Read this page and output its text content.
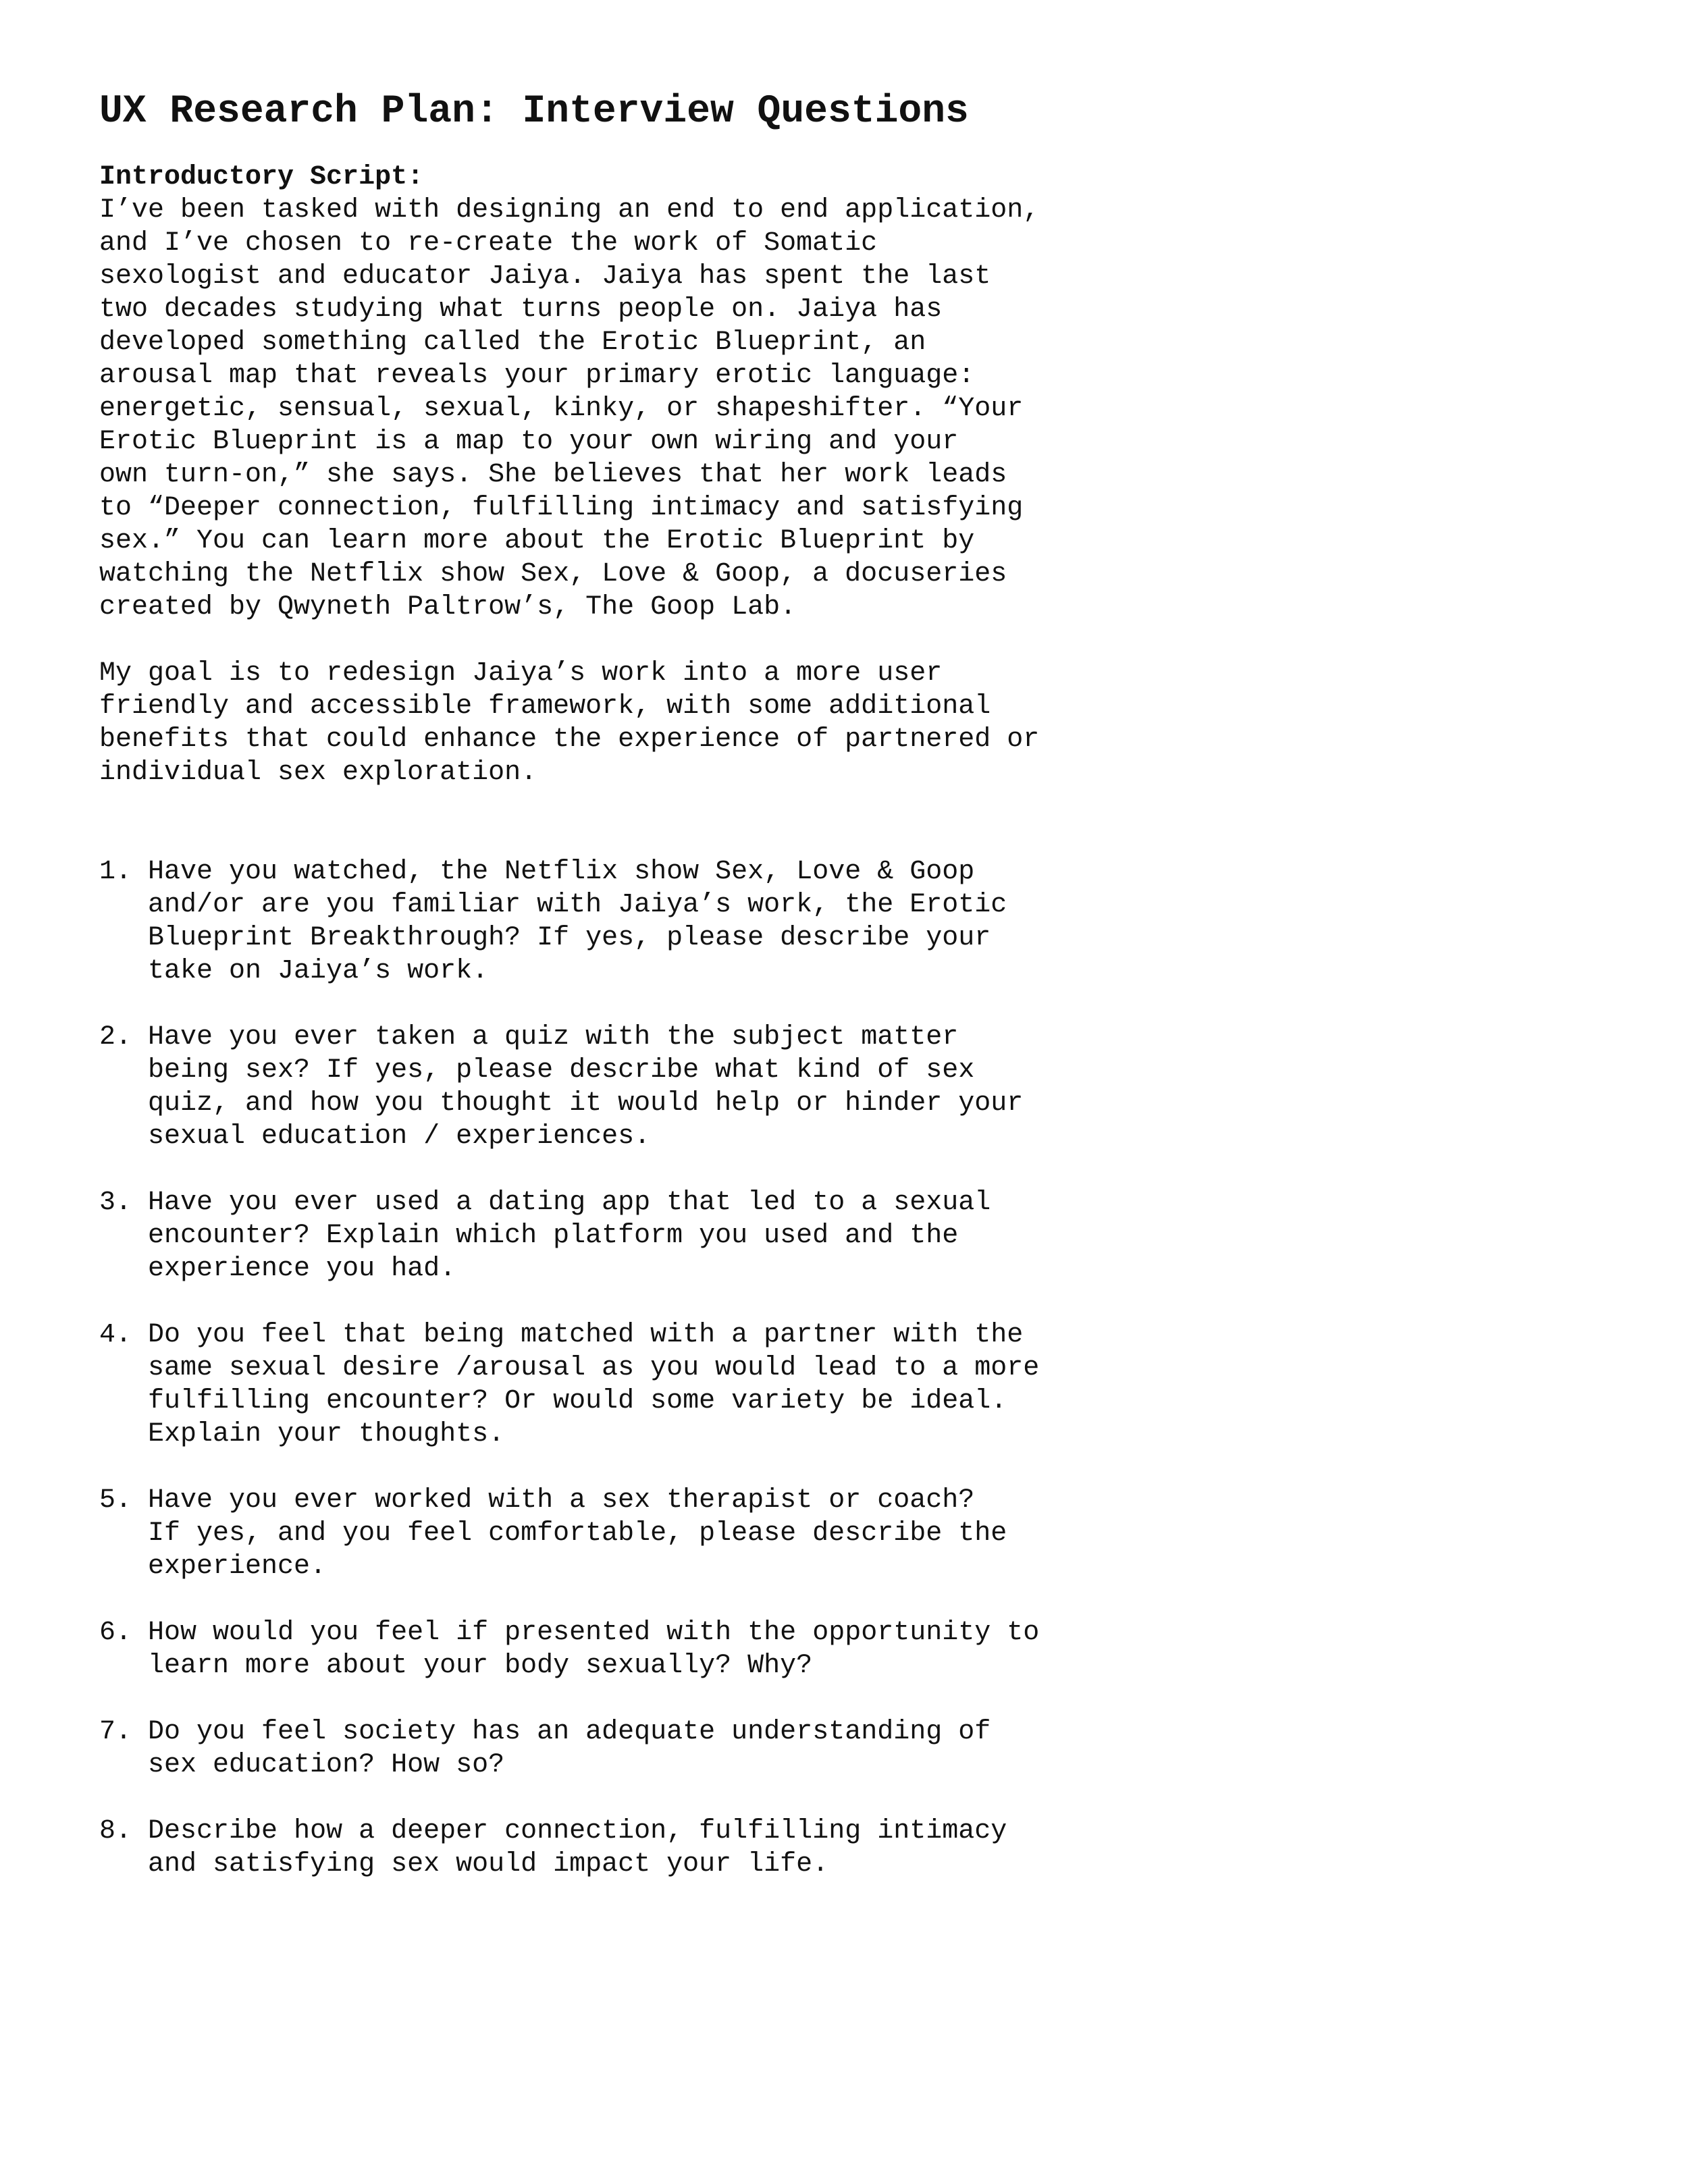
UX Research Plan: Interview Questions
Introductory Script:
I’ve been tasked with designing an end to end application,
and I’ve chosen to re-create the work of Somatic
sexologist and educator Jaiya. Jaiya has spent the last
two decades studying what turns people on. Jaiya has
developed something called the Erotic Blueprint, an
arousal map that reveals your primary erotic language:
energetic, sensual, sexual, kinky, or shapeshifter. “Your
Erotic Blueprint is a map to your own wiring and your
own turn-on,” she says. She believes that her work leads
to “Deeper connection, fulfilling intimacy and satisfying
sex.” You can learn more about the Erotic Blueprint by
watching the Netflix show Sex, Love & Goop, a docuseries
created by Qwyneth Paltrow’s, The Goop Lab.
My goal is to redesign Jaiya’s work into a more user
friendly and accessible framework, with some additional
benefits that could enhance the experience of partnered or
individual sex exploration.
1. Have you watched, the Netflix show Sex, Love & Goop
and/or are you familiar with Jaiya’s work, the Erotic
Blueprint Breakthrough? If yes, please describe your
take on Jaiya’s work.
2. Have you ever taken a quiz with the subject matter
being sex? If yes, please describe what kind of sex
quiz, and how you thought it would help or hinder your
sexual education / experiences.
3. Have you ever used a dating app that led to a sexual
encounter? Explain which platform you used and the
experience you had.
4. Do you feel that being matched with a partner with the
same sexual desire /arousal as you would lead to a more
fulfilling encounter? Or would some variety be ideal.
Explain your thoughts.
5. Have you ever worked with a sex therapist or coach?
If yes, and you feel comfortable, please describe the
experience.
6. How would you feel if presented with the opportunity to
learn more about your body sexually? Why?
7. Do you feel society has an adequate understanding of
sex education? How so?
8. Describe how a deeper connection, fulfilling intimacy
and satisfying sex would impact your life.
